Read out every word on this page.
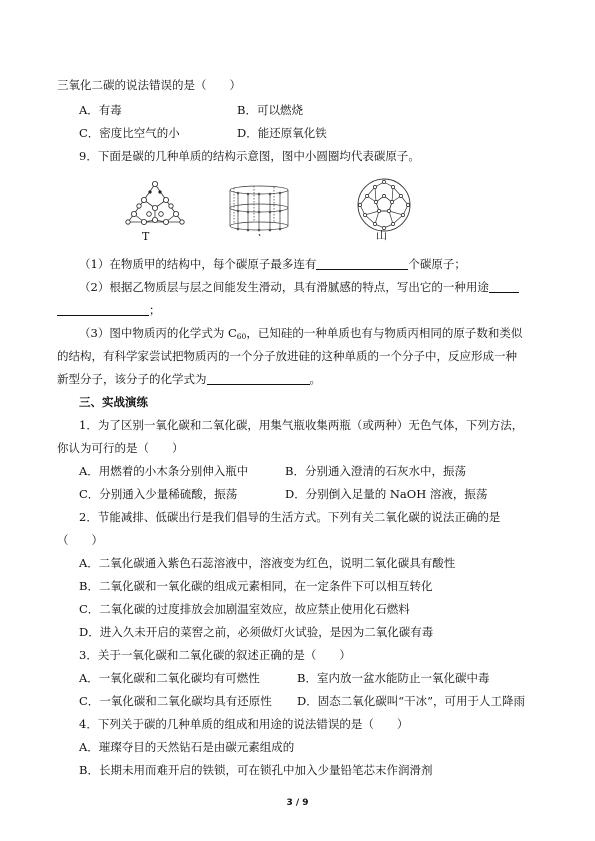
三氧化二碳的说法错误的是（　　）
A．有毒	B．可以燃烧
C．密度比空气的小	D．能还原氧化铁
9．下面是碳的几种单质的结构示意图，图中小圆圈均代表碳原子。
T	山
（1）在物质甲的结构中，每个碳原子最多连有	个碳原子；
（2）根据乙物质层与层之间能发生滑动，具有滑腻感的特点，写出它的一种用途
；
（3）图中物质丙的化学式为 $C_{60}$，已知硅的一种单质也有与物质丙相同的原子数和类似
的结构，有科学家尝试把物质丙的一个分子放进硅的这种单质的一个分子中，反应形成一种
新型分子，该分子的化学式为	。
三、实战演练
1．为了区别一氧化碳和二氧化碳，用集气瓶收集两瓶（或两种）无色气体，下列方法，
你认为可行的是（　　）
A．用燃着的小木条分别伸入瓶中	B．分别通入澄清的石灰水中，振荡
C．分别通入少量稀硫酸，振荡	D．分别倒入足量的 NaOH 溶液，振荡
2．节能减排、低碳出行是我们倡导的生活方式。下列有关二氧化碳的说法正确的是
（　　）
A．二氧化碳通入紫色石蕊溶液中，溶液变为红色，说明二氧化碳具有酸性
B．二氧化碳和一氧化碳的组成元素相同，在一定条件下可以相互转化
C．二氧化碳的过度排放会加剧温室效应，故应禁止使用化石燃料
D．进入久未开启的菜窖之前，必须做灯火试验，是因为二氧化碳有毒
3．关于一氧化碳和二氧化碳的叙述正确的是（　　）
A．一氧化碳和二氧化碳均有可燃性	B．室内放一盆水能防止一氧化碳中毒
C．一氧化碳和二氧化碳均具有还原性 D．固态二氧化碳叫“干冰”，可用于人工降雨
4．下列关于碳的几种单质的组成和用途的说法错误的是（　　）
A．璀璨夺目的天然钻石是由碳元素组成的
B．长期未用而难开启的铁锁，可在锁孔中加入少量铅笔芯末作润滑剂
3 / 9
